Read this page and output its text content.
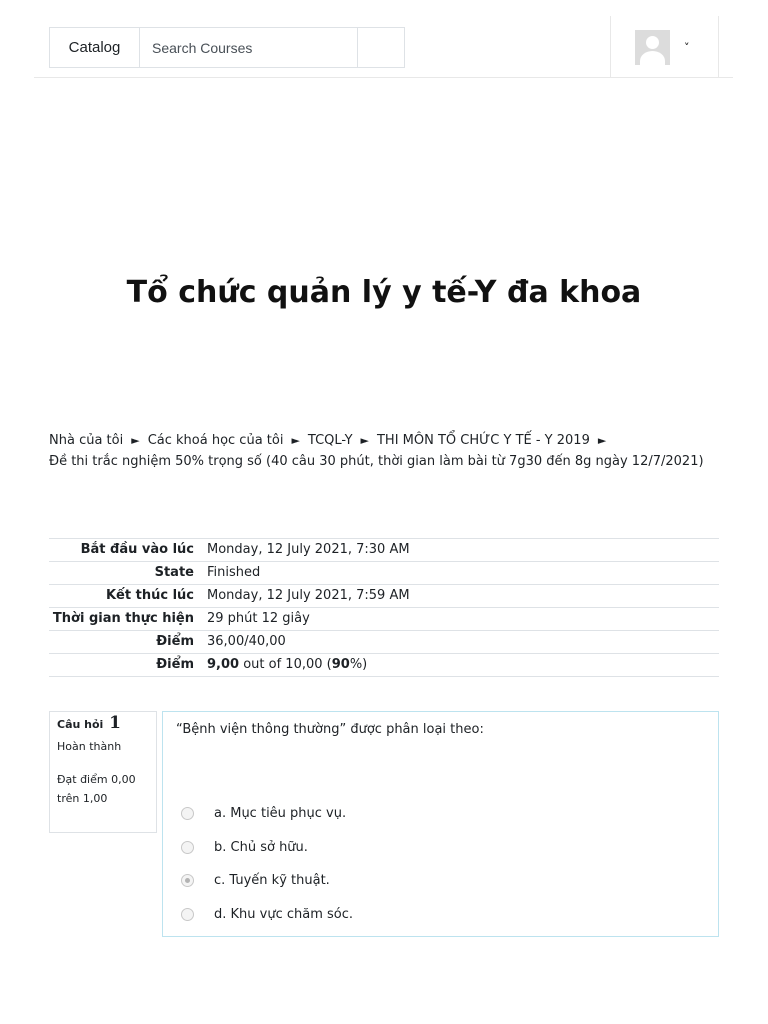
Catalog
Search Courses	˅
Tổ chức quản lý y tế-Y đa khoa
Nhà của tôi ► Các khoá học của tôi ► TCQL-Y ► THI MÔN TỔ CHỨC Y TẾ - Y 2019 ►
Đề thi trắc nghiệm 50% trọng số (40 câu 30 phút, thời gian làm bài từ 7g30 đến 8g ngày 12/7/2021)
Bắt đầu vào lúc	Monday, 12 July 2021, 7:30 AM
State	Finished
Kết thúc lúc	Monday, 12 July 2021, 7:59 AM
Thời gian thực hiện	29 phút 12 giây
Điểm	36,00/40,00
Điểm	9,00 out of 10,00 (90%)
Câu hỏi 1
Hoàn thành
Đạt điểm 0,00
trên 1,00
“Bệnh viện thông thường” được phân loại theo:
a. Mục tiêu phục vụ.
b. Chủ sở hữu.
c. Tuyến kỹ thuật.
d. Khu vực chăm sóc.
